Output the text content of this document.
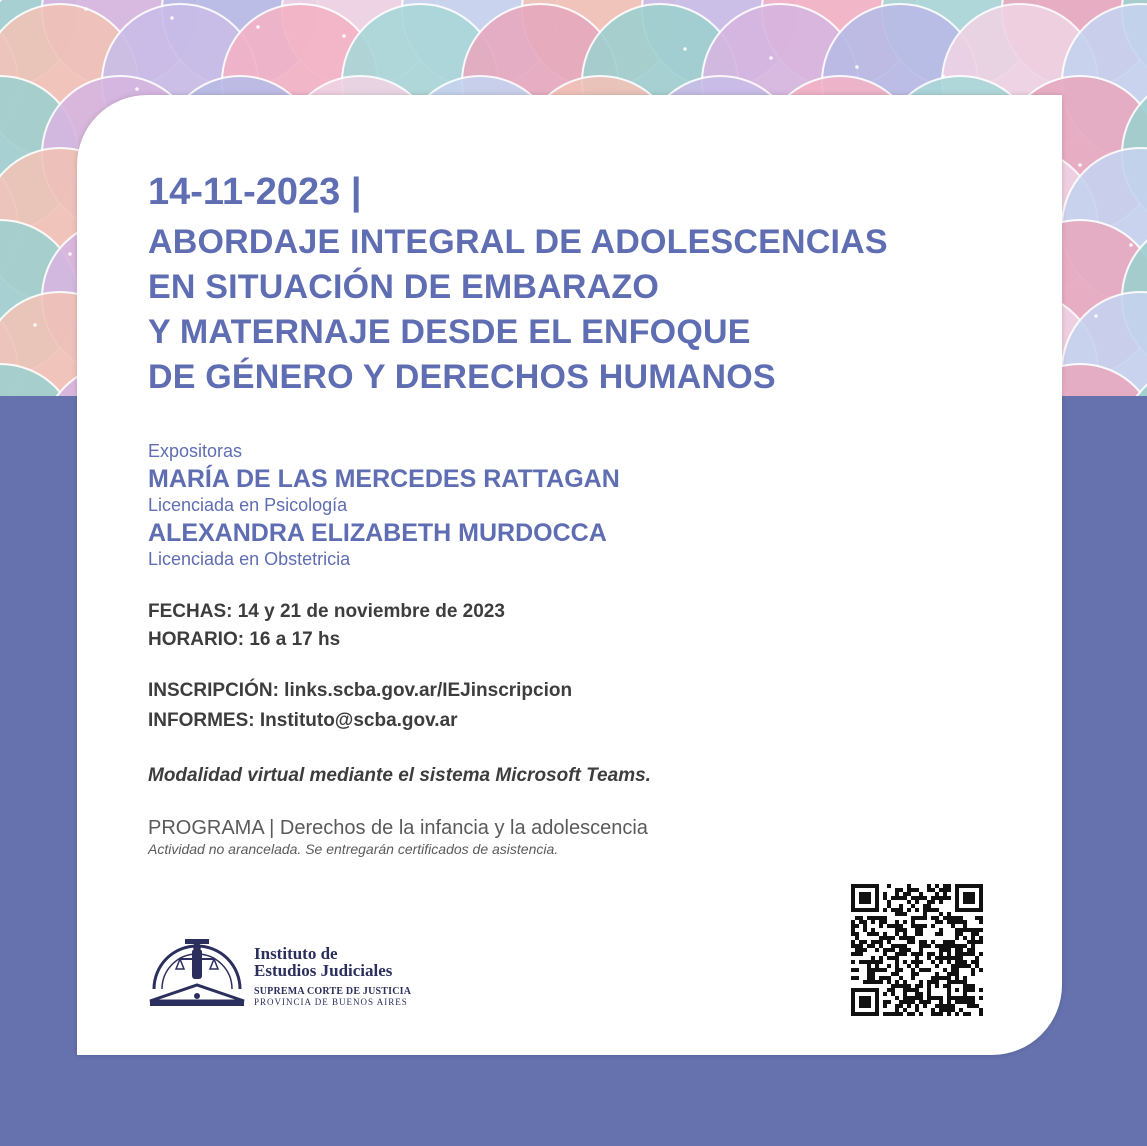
14-11-2023 |
ABORDAJE INTEGRAL DE ADOLESCENCIAS
EN SITUACIÓN DE EMBARAZO
Y MATERNAJE DESDE EL ENFOQUE
DE GÉNERO Y DERECHOS HUMANOS
Expositoras
MARÍA DE LAS MERCEDES RATTAGAN
Licenciada en Psicología
ALEXANDRA ELIZABETH MURDOCCA
Licenciada en Obstetricia
FECHAS: 14 y 21 de noviembre de 2023
HORARIO: 16 a 17 hs
INSCRIPCIÓN: links.scba.gov.ar/IEJinscripcion
INFORMES: Instituto@scba.gov.ar
Modalidad virtual mediante el sistema Microsoft Teams.
PROGRAMA | Derechos de la infancia y la adolescencia
Actividad no arancelada. Se entregarán certificados de asistencia.
Instituto de
Estudios Judiciales
SUPREMA CORTE DE JUSTICIA
PROVINCIA DE BUENOS AIRES
